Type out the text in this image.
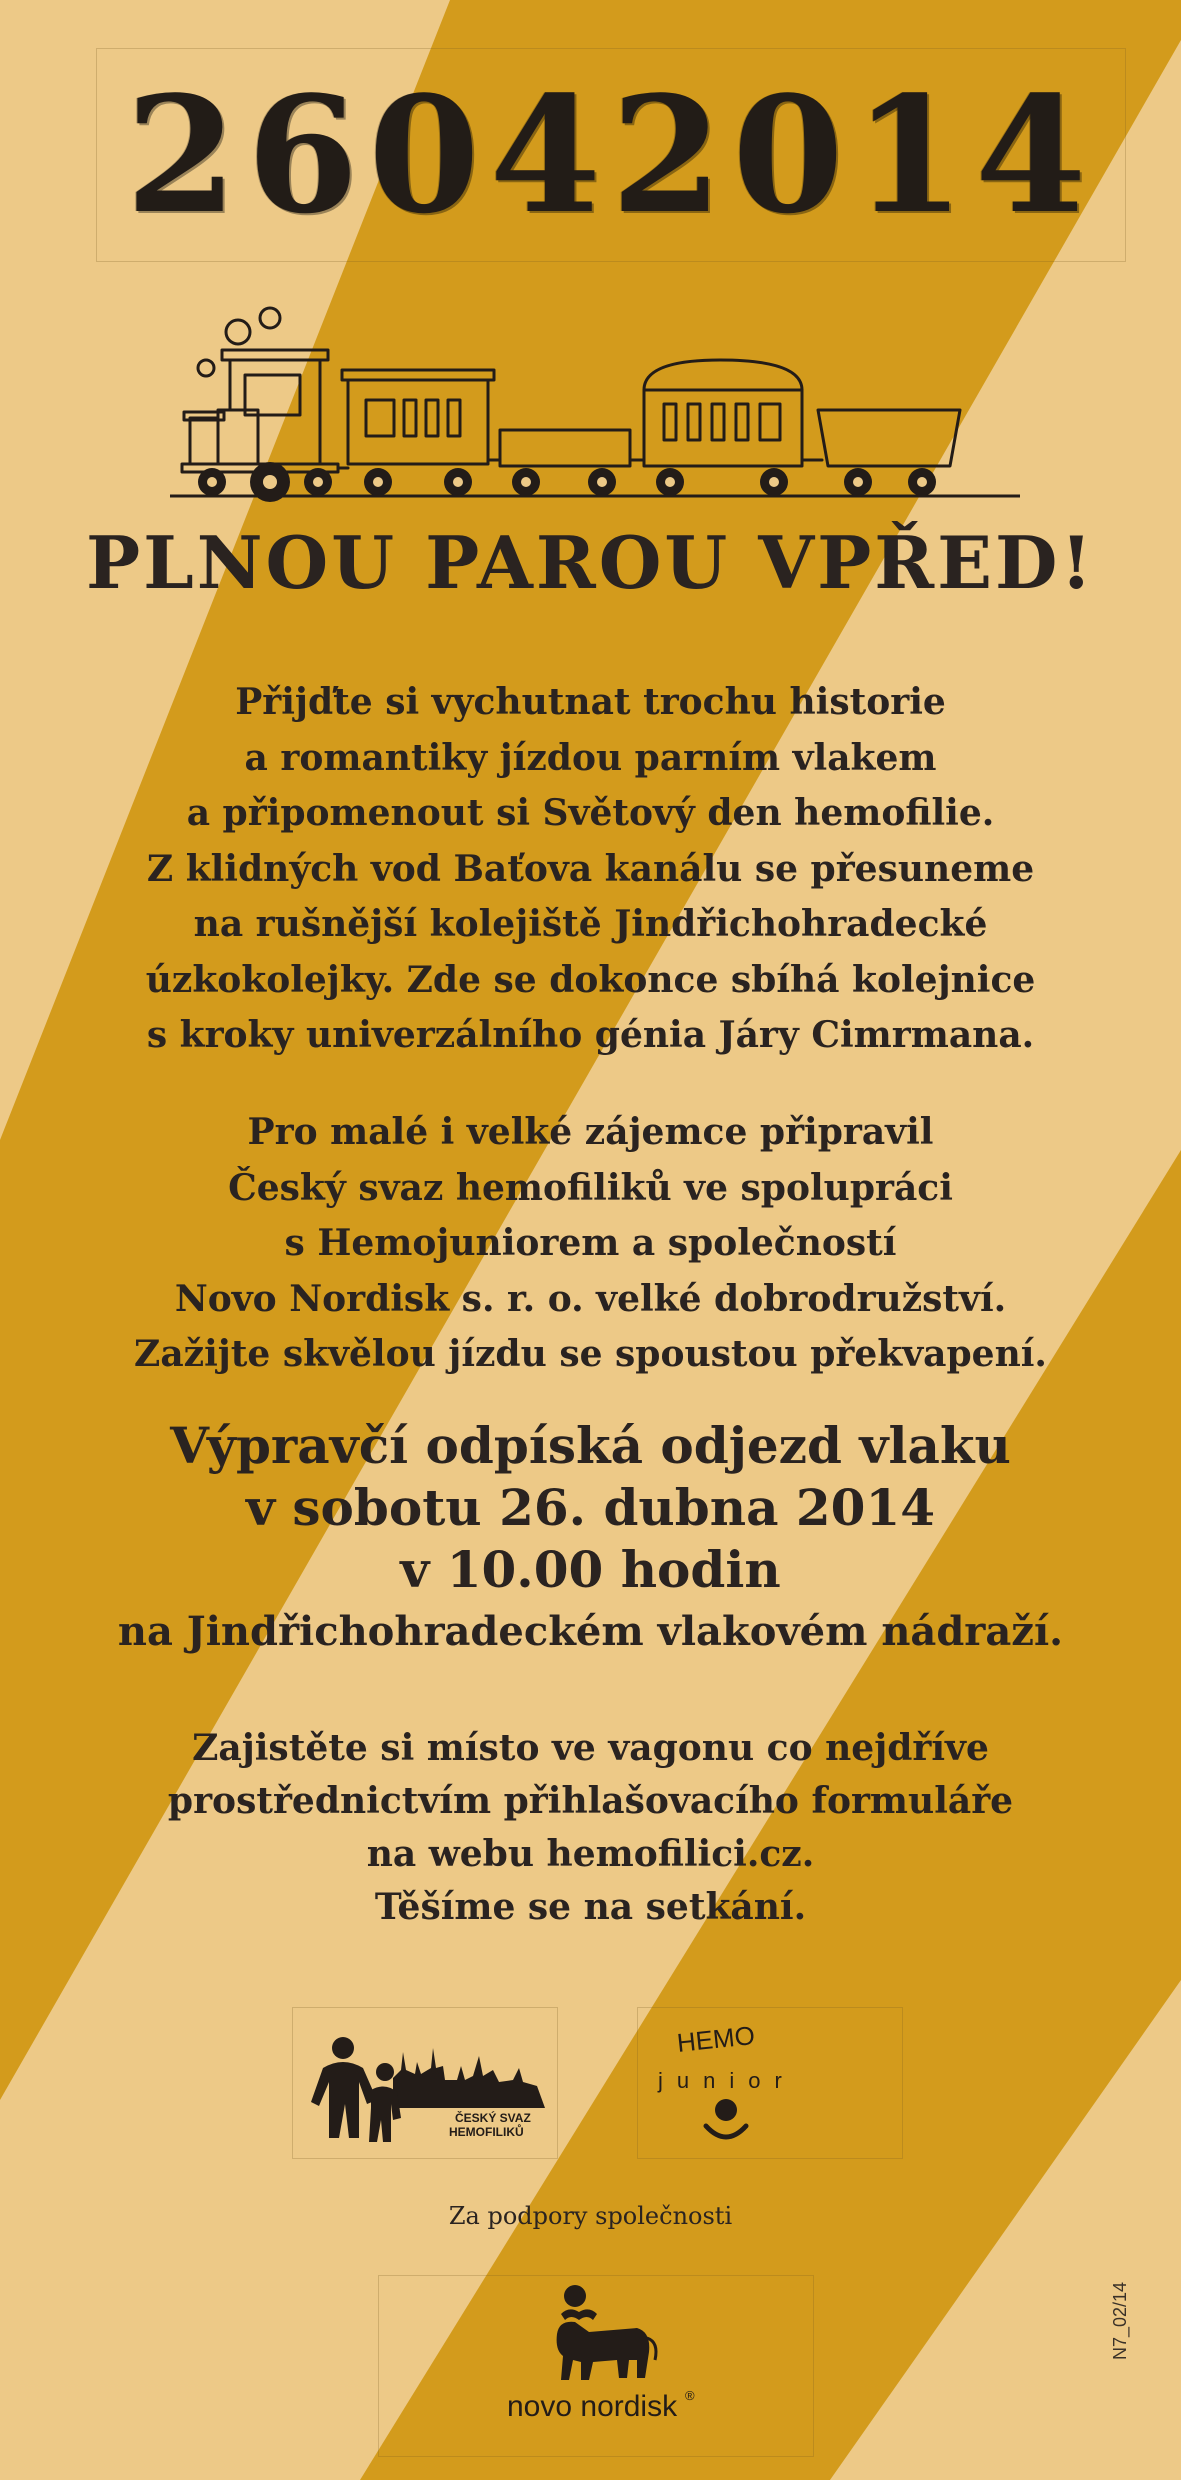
26042014
PLNOU PAROU VPŘED!
Přijďte si vychutnat trochu historie
a romantiky jízdou parním vlakem
a připomenout si Světový den hemofilie.
Z klidných vod Baťova kanálu se přesuneme
na rušnější kolejiště Jindřichohradecké
úzkokolejky. Zde se dokonce sbíhá kolejnice
s kroky univerzálního génia Járy Cimrmana.
Pro malé i velké zájemce připravil
Český svaz hemofiliků ve spolupráci
s Hemojuniorem a společností
Novo Nordisk s. r. o. velké dobrodružství.
Zažijte skvělou jízdu se spoustou překvapení.
Výpravčí odpíská odjezd vlaku
v sobotu 26. dubna 2014
v 10.00 hodin
na Jindřichohradeckém vlakovém nádraží.
Zajistěte si místo ve vagonu co nejdříve
prostřednictvím přihlašovacího formuláře
na webu hemofilici.cz.
Těšíme se na setkání.
ČESKÝ SVAZ
HEMOFILIKŮ
HEMO
junior
Za podpory společnosti
novo nordisk ®
N7_02/14
